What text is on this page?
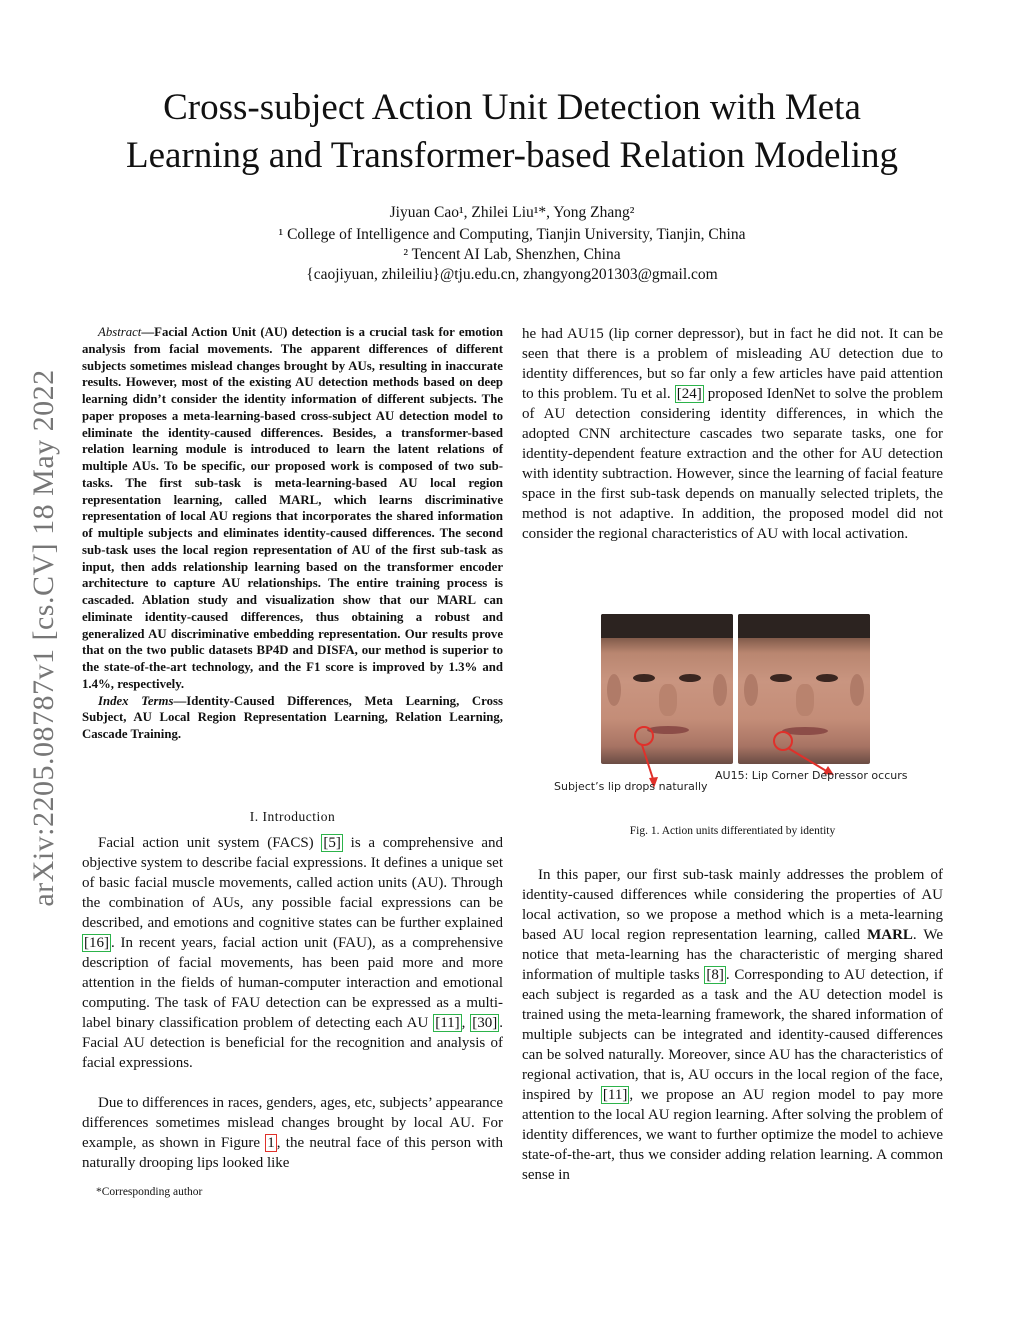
Cross-subject Action Unit Detection with Meta
Learning and Transformer-based Relation Modeling
Jiyuan Cao¹, Zhilei Liu¹*, Yong Zhang²
¹ College of Intelligence and Computing, Tianjin University, Tianjin, China
² Tencent AI Lab, Shenzhen, China
{caojiyuan, zhileiliu}@tju.edu.cn, zhangyong201303@gmail.com
arXiv:2205.08787v1 [cs.CV] 18 May 2022
Abstract—Facial Action Unit (AU) detection is a crucial task for emotion analysis from facial movements. The apparent differences of different subjects sometimes mislead changes brought by AUs, resulting in inaccurate results. However, most of the existing AU detection methods based on deep learning didn’t consider the identity information of different subjects. The paper proposes a meta-learning-based cross-subject AU detection model to eliminate the identity-caused differences. Besides, a transformer-based relation learning module is introduced to learn the latent relations of multiple AUs. To be specific, our proposed work is composed of two sub-tasks. The first sub-task is meta-learning-based AU local region representation learning, called MARL, which learns discriminative representation of local AU regions that incorporates the shared information of multiple subjects and eliminates identity-caused differences. The second sub-task uses the local region representation of AU of the first sub-task as input, then adds relationship learning based on the transformer encoder architecture to capture AU relationships. The entire training process is cascaded. Ablation study and visualization show that our MARL can eliminate identity-caused differences, thus obtaining a robust and generalized AU discriminative embedding representation. Our results prove that on the two public datasets BP4D and DISFA, our method is superior to the state-of-the-art technology, and the F1 score is improved by 1.3% and 1.4%, respectively.
Index Terms—Identity-Caused Differences, Meta Learning, Cross Subject, AU Local Region Representation Learning, Relation Learning, Cascade Training.
I. Introduction
Facial action unit system (FACS) [5] is a comprehensive and objective system to describe facial expressions. It defines a unique set of basic facial muscle movements, called action units (AU). Through the combination of AUs, any possible facial expressions can be described, and emotions and cognitive states can be further explained [16] . In recent years, facial action unit (FAU), as a comprehensive description of facial movements, has been paid more and more attention in the fields of human-computer interaction and emotional computing. The task of FAU detection can be expressed as a multi-label binary classification problem of detecting each AU [11] , [30] . Facial AU detection is beneficial for the recognition and analysis of facial expressions.
Due to differences in races, genders, ages, etc, subjects’ appearance differences sometimes mislead changes brought by local AU. For example, as shown in Figure 1 , the neutral face of this person with naturally drooping lips looked like
*Corresponding author
he had AU15 (lip corner depressor), but in fact he did not. It can be seen that there is a problem of misleading AU detection due to identity differences, but so far only a few articles have paid attention to this problem. Tu et al. [24] proposed IdenNet to solve the problem of AU detection considering identity differences, in which the adopted CNN architecture cascades two separate tasks, one for identity-dependent feature extraction and the other for AU detection with identity subtraction. However, since the learning of facial feature space in the first sub-task depends on manually selected triplets, the method is not adaptive. In addition, the proposed model did not consider the regional characteristics of AU with local activation.
Subject’s lip drops naturally
AU15: Lip Corner Depressor occurs
Fig. 1. Action units differentiated by identity
In this paper, our first sub-task mainly addresses the problem of identity-caused differences while considering the properties of AU local activation, so we propose a method which is a meta-learning based AU local region representation learning, called MARL. We notice that meta-learning has the characteristic of merging shared information of multiple tasks [8] . Corresponding to AU detection, if each subject is regarded as a task and the AU detection model is trained using the meta-learning framework, the shared information of multiple subjects can be integrated and identity-caused differences can be solved naturally. Moreover, since AU has the characteristics of regional activation, that is, AU occurs in the local region of the face, inspired by [11] , we propose an AU region model to pay more attention to the local AU region learning. After solving the problem of identity differences, we want to further optimize the model to achieve state-of-the-art, thus we consider adding relation learning. A common sense in
